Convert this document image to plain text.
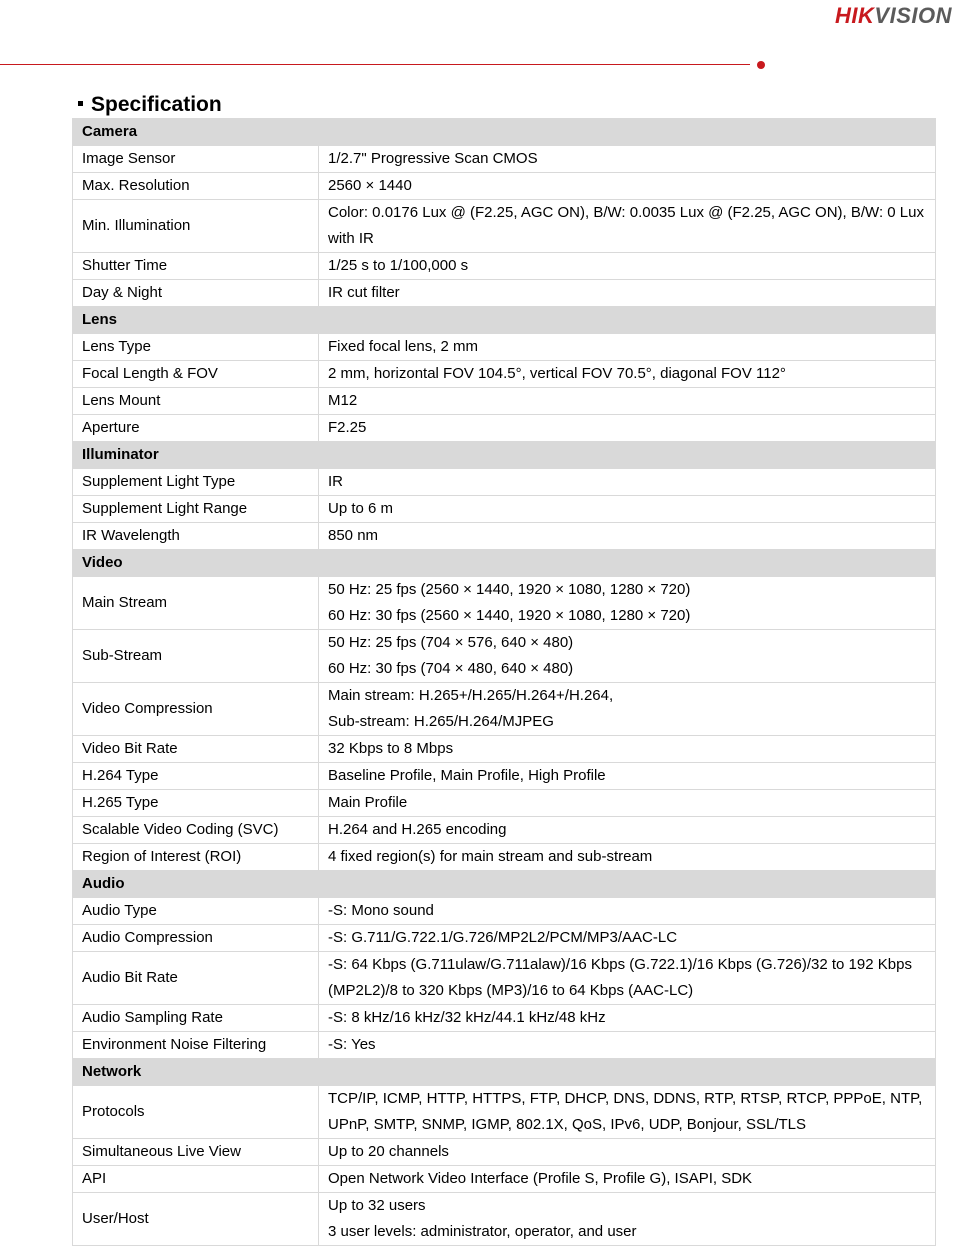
HIKVISION
Specification
Camera	
Image Sensor	1/2.7" Progressive Scan CMOS

Max. Resolution	2560 × 1440

Min. Illumination	Color: 0.0176 Lux @ (F2.25, AGC ON), B/W: 0.0035 Lux @ (F2.25, AGC ON), B/W: 0 Lux
with IR

Shutter Time	1/25 s to 1/100,000 s

Day & Night	IR cut filter

Lens	
Lens Type	Fixed focal lens, 2 mm

Focal Length & FOV	2 mm, horizontal FOV 104.5°, vertical FOV 70.5°, diagonal FOV 112°

Lens Mount	M12

Aperture	F2.25

Illuminator	
Supplement Light Type	IR

Supplement Light Range	Up to 6 m

IR Wavelength	850 nm

Video	
Main Stream	50 Hz: 25 fps (2560 × 1440, 1920 × 1080, 1280 × 720)
60 Hz: 30 fps (2560 × 1440, 1920 × 1080, 1280 × 720)

Sub-Stream	50 Hz: 25 fps (704 × 576, 640 × 480)
60 Hz: 30 fps (704 × 480, 640 × 480)

Video Compression	Main stream: H.265+/H.265/H.264+/H.264,
Sub-stream: H.265/H.264/MJPEG

Video Bit Rate	32 Kbps to 8 Mbps

H.264 Type	Baseline Profile, Main Profile, High Profile

H.265 Type	Main Profile

Scalable Video Coding (SVC)	H.264 and H.265 encoding

Region of Interest (ROI)	4 fixed region(s) for main stream and sub-stream

Audio	
Audio Type	-S: Mono sound

Audio Compression	-S: G.711/G.722.1/G.726/MP2L2/PCM/MP3/AAC-LC

Audio Bit Rate	-S: 64 Kbps (G.711ulaw/G.711alaw)/16 Kbps (G.722.1)/16 Kbps (G.726)/32 to 192 Kbps
(MP2L2)/8 to 320 Kbps (MP3)/16 to 64 Kbps (AAC-LC)

Audio Sampling Rate	-S: 8 kHz/16 kHz/32 kHz/44.1 kHz/48 kHz

Environment Noise Filtering	-S: Yes

Network	
Protocols	TCP/IP, ICMP, HTTP, HTTPS, FTP, DHCP, DNS, DDNS, RTP, RTSP, RTCP, PPPoE, NTP,
UPnP, SMTP, SNMP, IGMP, 802.1X, QoS, IPv6, UDP, Bonjour, SSL/TLS

Simultaneous Live View	Up to 20 channels

API	Open Network Video Interface (Profile S, Profile G), ISAPI, SDK

User/Host	Up to 32 users
3 user levels: administrator, operator, and user
